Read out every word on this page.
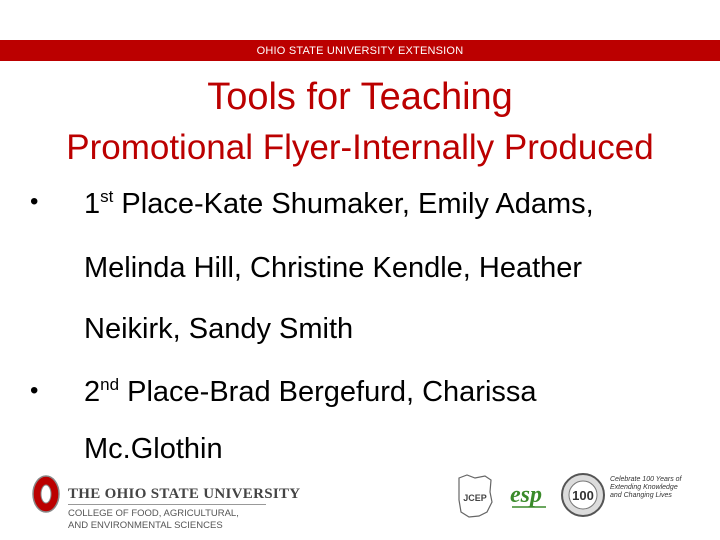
OHIO STATE UNIVERSITY EXTENSION
Tools for Teaching
Promotional Flyer-Internally Produced
• 1st Place-Kate Shumaker, Emily Adams,
Melinda Hill, Christine Kendle, Heather
Neikirk, Sandy Smith
• 2nd Place-Brad Bergefurd, Charissa
Mc.Glothin
THE OHIO STATE UNIVERSITY
COLLEGE OF FOOD, AGRICULTURAL,
AND ENVIRONMENTAL SCIENCES
JCEP esp 100
Celebrate 100 Years of Extending Knowledge and Changing Lives
